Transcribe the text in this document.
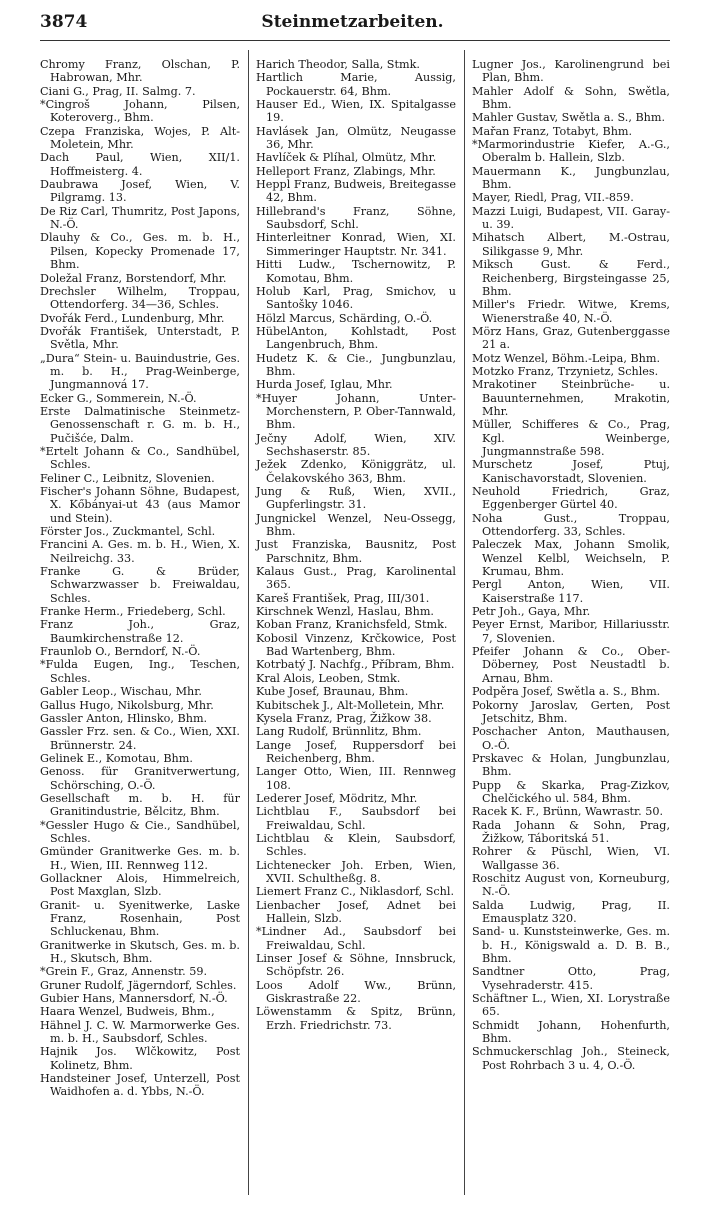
3874	Steinmetzarbeiten.

Chromy Franz, Olschan, P. Habrowan, Mhr.

Ciani G., Prag, II. Salmg. 7.

*Cingroš Johann, Pilsen, Koteroverg., Bhm.

Czepa Franziska, Wojes, P. Alt-Moletein, Mhr.

Dach Paul, Wien, XII/1. Hoffmeisterg. 4.

Daubrawa Josef, Wien, V. Pilgramg. 13.

De Riz Carl, Thumritz, Post Japons, N.-Ö.

Dlauhy & Co., Ges. m. b. H., Pilsen, Kopecky Promenade 17, Bhm.

Doležal Franz, Borstendorf, Mhr.

Drechsler Wilhelm, Troppau, Ottendorferg. 34—36, Schles.

Dvořák Ferd., Lundenburg, Mhr.

Dvořák František, Unterstadt, P. Světla, Mhr.

„Dura“ Stein- u. Bauindustrie, Ges. m. b. H., Prag-Weinberge, Jungmannová 17.

Ecker G., Sommerein, N.-Ö.

Erste Dalmatinische Steinmetz-Genossenschaft r. G. m. b. H., Pučišće, Dalm.

*Ertelt Johann & Co., Sandhübel, Schles.

Feliner C., Leibnitz, Slovenien.

Fischer's Johann Söhne, Budapest, X. Kőbányai-ut 43 (aus Mamor und Stein).

Förster Jos., Zuckmantel, Schl.

Francini A. Ges. m. b. H., Wien, X. Neilreichg. 33.

Franke G. & Brüder, Schwarzwasser b. Freiwaldau, Schles.

Franke Herm., Friedeberg, Schl.

Franz Joh., Graz, Baumkirchenstraße 12.

Fraunlob O., Berndorf, N.-Ö.

*Fulda Eugen, Ing., Teschen, Schles.

Gabler Leop., Wischau, Mhr.

Gallus Hugo, Nikolsburg, Mhr.

Gassler Anton, Hlinsko, Bhm.

Gassler Frz. sen. & Co., Wien, XXI. Brünnerstr. 24.

Gelinek E., Komotau, Bhm.

Genoss. für Granitverwertung, Schörsching, O.-Ö.

Gesellschaft m. b. H. für Granitindustrie, Bělcitz, Bhm.

*Gessler Hugo & Cie., Sandhübel, Schles.

Gmünder Granitwerke Ges. m. b. H., Wien, III. Rennweg 112.

Gollackner Alois, Himmelreich, Post Maxglan, Slzb.

Granit- u. Syenitwerke, Laske Franz, Rosenhain, Post Schluckenau, Bhm.

Granitwerke in Skutsch, Ges. m. b. H., Skutsch, Bhm.

*Grein F., Graz, Annenstr. 59.

Gruner Rudolf, Jägerndorf, Schles.

Gubier Hans, Mannersdorf, N.-Ö.

Haara Wenzel, Budweis, Bhm.,

Hähnel J. C. W. Marmorwerke Ges. m. b. H., Saubsdorf, Schles.

Hajnik Jos. Wlčkowitz, Post Kolinetz, Bhm.

Handsteiner Josef, Unterzell, Post Waidhofen a. d. Ybbs, N.-Ö.

Harich Theodor, Salla, Stmk.

Hartlich Marie, Aussig, Pockauerstr. 64, Bhm.

Hauser Ed., Wien, IX. Spitalgasse 19.

Havlásek Jan, Olmütz, Neugasse 36, Mhr.

Havlíček & Plíhal, Olmütz, Mhr.

Helleport Franz, Zlabings, Mhr.

Heppl Franz, Budweis, Breitegasse 42, Bhm.

Hillebrand's Franz, Söhne, Saubsdorf, Schl.

Hinterleitner Konrad, Wien, XI. Simmeringer Hauptstr. Nr. 341.

Hitti Ludw., Tschernowitz, P. Komotau, Bhm.

Holub Karl, Prag, Smichov, u Santošky 1046.

Hölzl Marcus, Schärding, O.-Ö.

HübelAnton, Kohlstadt, Post Langenbruch, Bhm.

Hudetz K. & Cie., Jungbunzlau, Bhm.

Hurda Josef, Iglau, Mhr.

*Huyer Johann, Unter-Morchenstern, P. Ober-Tannwald, Bhm.

Ječny Adolf, Wien, XIV. Sechshaserstr. 85.

Ježek Zdenko, Königgrätz, ul. Čelakovského 363, Bhm.

Jung & Ruß, Wien, XVII., Gupferlingstr. 31.

Jungnickel Wenzel, Neu-Ossegg, Bhm.

Just Franziska, Bausnitz, Post Parschnitz, Bhm.

Kalaus Gust., Prag, Karolinental 365.

Kareš František, Prag, III/301.

Kirschnek Wenzl, Haslau, Bhm.

Koban Franz, Kranichsfeld, Stmk.

Kobosil Vinzenz, Krčkowice, Post Bad Wartenberg, Bhm.

Kotrbatý J. Nachfg., Příbram, Bhm.

Kral Alois, Leoben, Stmk.

Kube Josef, Braunau, Bhm.

Kubitschek J., Alt-Molletein, Mhr.

Kysela Franz, Prag, Žižkow 38.

Lang Rudolf, Brünnlitz, Bhm.

Lange Josef, Ruppersdorf bei Reichenberg, Bhm.

Langer Otto, Wien, III. Rennweg 108.

Lederer Josef, Mödritz, Mhr.

Lichtblau F., Saubsdorf bei Freiwaldau, Schl.

Lichtblau & Klein, Saubsdorf, Schles.

Lichtenecker Joh. Erben, Wien, XVII. Schultheßg. 8.

Liemert Franz C., Niklasdorf, Schl.

Lienbacher Josef, Adnet bei Hallein, Slzb.

*Lindner Ad., Saubsdorf bei Freiwaldau, Schl.

Linser Josef & Söhne, Innsbruck, Schöpfstr. 26.

Loos Adolf Ww., Brünn, Giskrastraße 22.

Löwenstamm & Spitz, Brünn, Erzh. Friedrichstr. 73.

Lugner Jos., Karolinengrund bei Plan, Bhm.

Mahler Adolf & Sohn, Swětla, Bhm.

Mahler Gustav, Swětla a. S., Bhm.

Mařan Franz, Totabyt, Bhm.

*Marmorindustrie Kiefer, A.-G., Oberalm b. Hallein, Slzb.

Mauermann K., Jungbunzlau, Bhm.

Mayer, Riedl, Prag, VII.-859.

Mazzi Luigi, Budapest, VII. Garay-u. 39.

Mihatsch Albert, M.-Ostrau, Silikgasse 9, Mhr.

Miksch Gust. & Ferd., Reichenberg, Birgsteingasse 25, Bhm.

Miller's Friedr. Witwe, Krems, Wienerstraße 40, N.-Ö.

Mörz Hans, Graz, Gutenberggasse 21 a.

Motz Wenzel, Böhm.-Leipa, Bhm.

Motzko Franz, Trzynietz, Schles.

Mrakotiner Steinbrüche- u. Bauunternehmen, Mrakotin, Mhr.

Müller, Schifferes & Co., Prag, Kgl. Weinberge, Jungmannstraße 598.

Murschetz Josef, Ptuj, Kanischavorstadt, Slovenien.

Neuhold Friedrich, Graz, Eggenberger Gürtel 40.

Noha Gust., Troppau, Ottendorferg. 33, Schles.

Paleczek Max, Johann Smolik, Wenzel Kelbl, Weichseln, P. Krumau, Bhm.

Pergl Anton, Wien, VII. Kaiserstraße 117.

Petr Joh., Gaya, Mhr.

Peyer Ernst, Maribor, Hillariusstr. 7, Slovenien.

Pfeifer Johann & Co., Ober-Döberney, Post Neustadtl b. Arnau, Bhm.

Podpěra Josef, Swětla a. S., Bhm.

Pokorny Jaroslav, Gerten, Post Jetschitz, Bhm.

Poschacher Anton, Mauthausen, O.-Ö.

Prskavec & Holan, Jungbunzlau, Bhm.

Pupp & Skarka, Prag-Zizkov, Chelčického ul. 584, Bhm.

Racek K. F., Brünn, Wawrastr. 50.

Rada Johann & Sohn, Prag, Žižkow, Táboritská 51.

Rohrer & Püschl, Wien, VI. Wallgasse 36.

Roschitz August von, Korneuburg, N.-Ö.

Salda Ludwig, Prag, II. Emausplatz 320.

Sand- u. Kunststeinwerke, Ges. m. b. H., Königswald a. D. B. B., Bhm.

Sandtner Otto, Prag, Vysehraderstr. 415.

Schäftner L., Wien, XI. Lorystraße 65.

Schmidt Johann, Hohenfurth, Bhm.

Schmuckerschlag Joh., Steineck, Post Rohrbach 3 u. 4, O.-Ö.
